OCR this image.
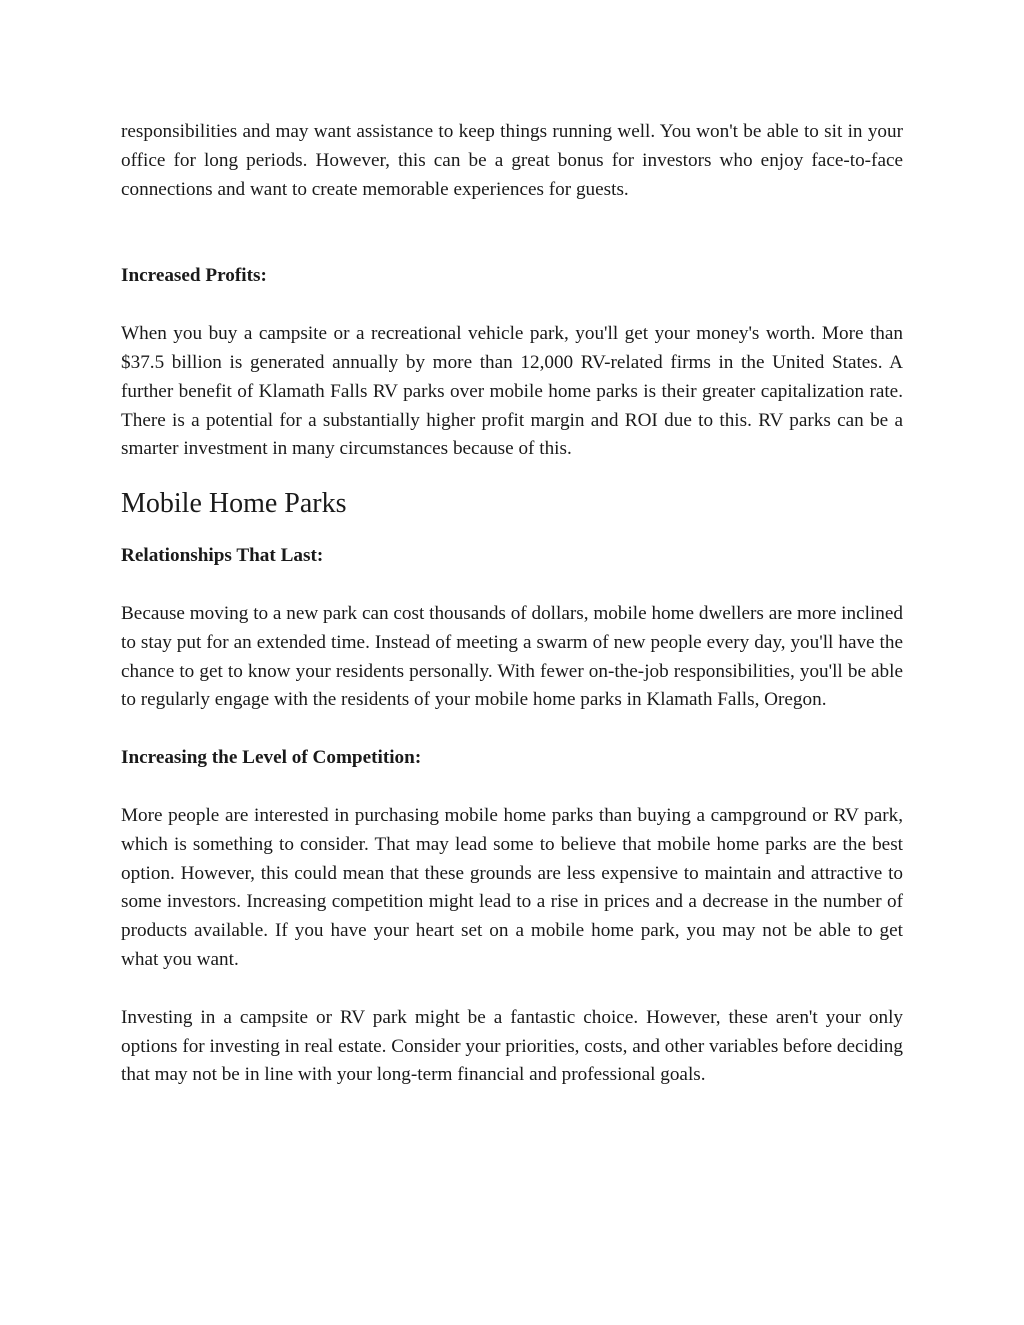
responsibilities and may want assistance to keep things running well. You won't be able to sit in your office for long periods. However, this can be a great bonus for investors who enjoy face-to-face connections and want to create memorable experiences for guests.

Increased Profits:

When you buy a campsite or a recreational vehicle park, you'll get your money's worth. More than $37.5 billion is generated annually by more than 12,000 RV-related firms in the United States. A further benefit of Klamath Falls RV parks over mobile home parks is their greater capitalization rate. There is a potential for a substantially higher profit margin and ROI due to this. RV parks can be a smarter investment in many circumstances because of this.

Mobile Home Parks

Relationships That Last:

Because moving to a new park can cost thousands of dollars, mobile home dwellers are more inclined to stay put for an extended time. Instead of meeting a swarm of new people every day, you'll have the chance to get to know your residents personally. With fewer on-the-job responsibilities, you'll be able to regularly engage with the residents of your mobile home parks in Klamath Falls, Oregon.

Increasing the Level of Competition:

More people are interested in purchasing mobile home parks than buying a campground or RV park, which is something to consider. That may lead some to believe that mobile home parks are the best option. However, this could mean that these grounds are less expensive to maintain and attractive to some investors. Increasing competition might lead to a rise in prices and a decrease in the number of products available. If you have your heart set on a mobile home park, you may not be able to get what you want.

Investing in a campsite or RV park might be a fantastic choice. However, these aren't your only options for investing in real estate. Consider your priorities, costs, and other variables before deciding that may not be in line with your long-term financial and professional goals.
